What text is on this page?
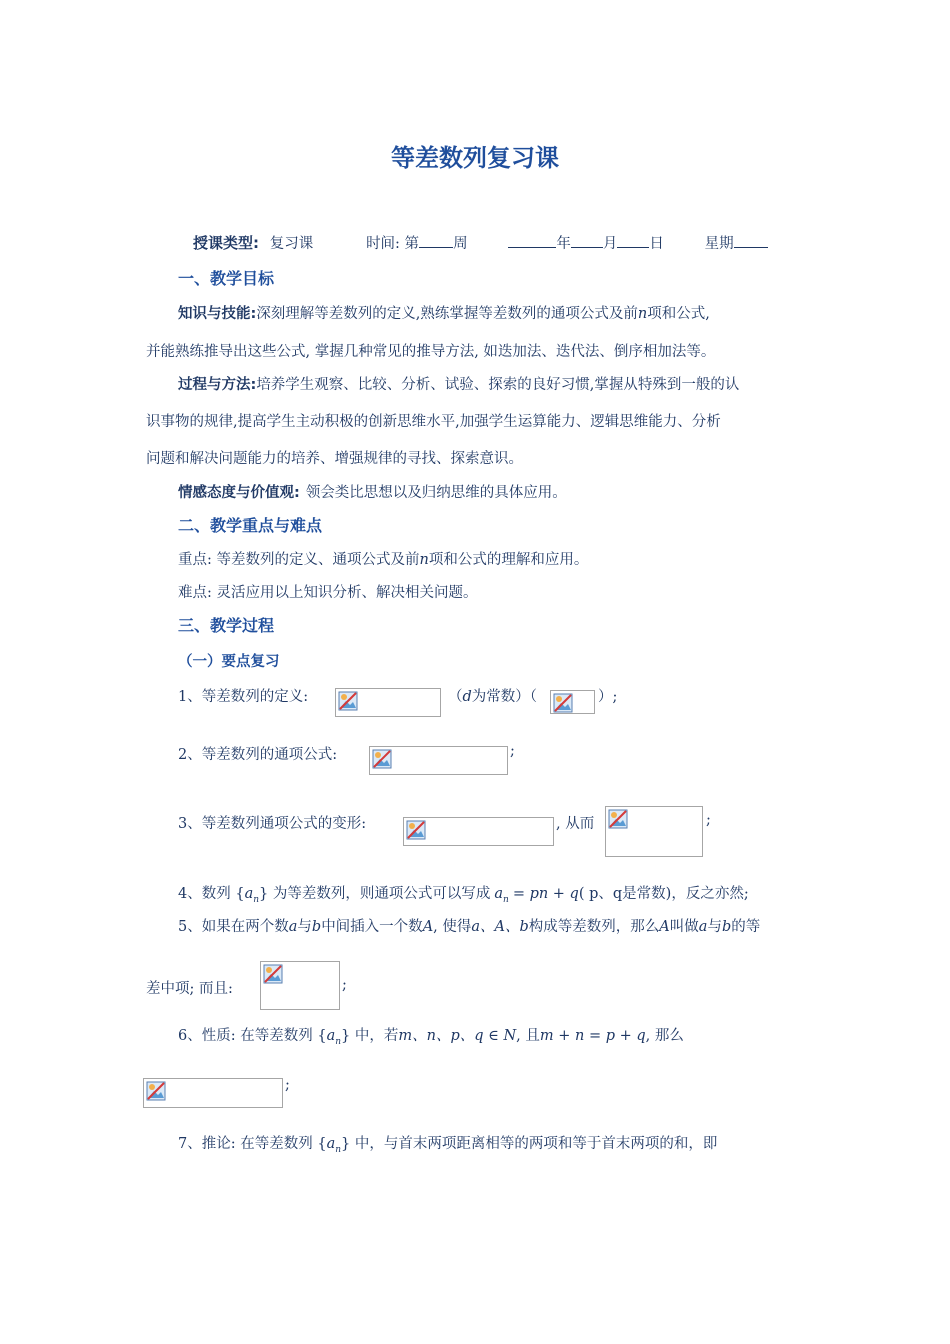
等差数列复习课
授课类型: 复习课	时间: 第 周	年 月 日	星期
一、教学目标
知识与技能:深刻理解等差数列的定义,熟练掌握等差数列的通项公式及前n项和公式,
并能熟练推导出这些公式, 掌握几种常见的推导方法, 如迭加法、迭代法、倒序相加法等。
过程与方法:培养学生观察、比较、分析、试验、探索的良好习惯,掌握从特殊到一般的认
识事物的规律,提高学生主动积极的创新思维水平,加强学生运算能力、逻辑思维能力、分析
问题和解决问题能力的培养、增强规律的寻找、探索意识。
情感态度与价值观: 领会类比思想以及归纳思维的具体应用。
二、教学重点与难点
重点: 等差数列的定义、通项公式及前n项和公式的理解和应用。
难点: 灵活应用以上知识分析、解决相关问题。
三、教学过程
（一）要点复习
1、等差数列的定义:	（d为常数）（	）;
2、等差数列的通项公式:	;
3、等差数列通项公式的变形:	, 从而	;
4、数列 $\{a_n\}$ 为等差数列，则通项公式可以写成 $a_n$ = pn + q( p、q是常数)，反之亦然;
5、如果在两个数a与b中间插入一个数A, 使得a、A、b构成等差数列，那么A叫做a与b的等
差中项; 而且:	;
6、性质: 在等差数列 $\{a_n\}$ 中，若m、n、p、q ∈ N, 且m + n = p + q, 那么
;
7、推论: 在等差数列 $\{a_n\}$ 中，与首末两项距离相等的两项和等于首末两项的和，即
